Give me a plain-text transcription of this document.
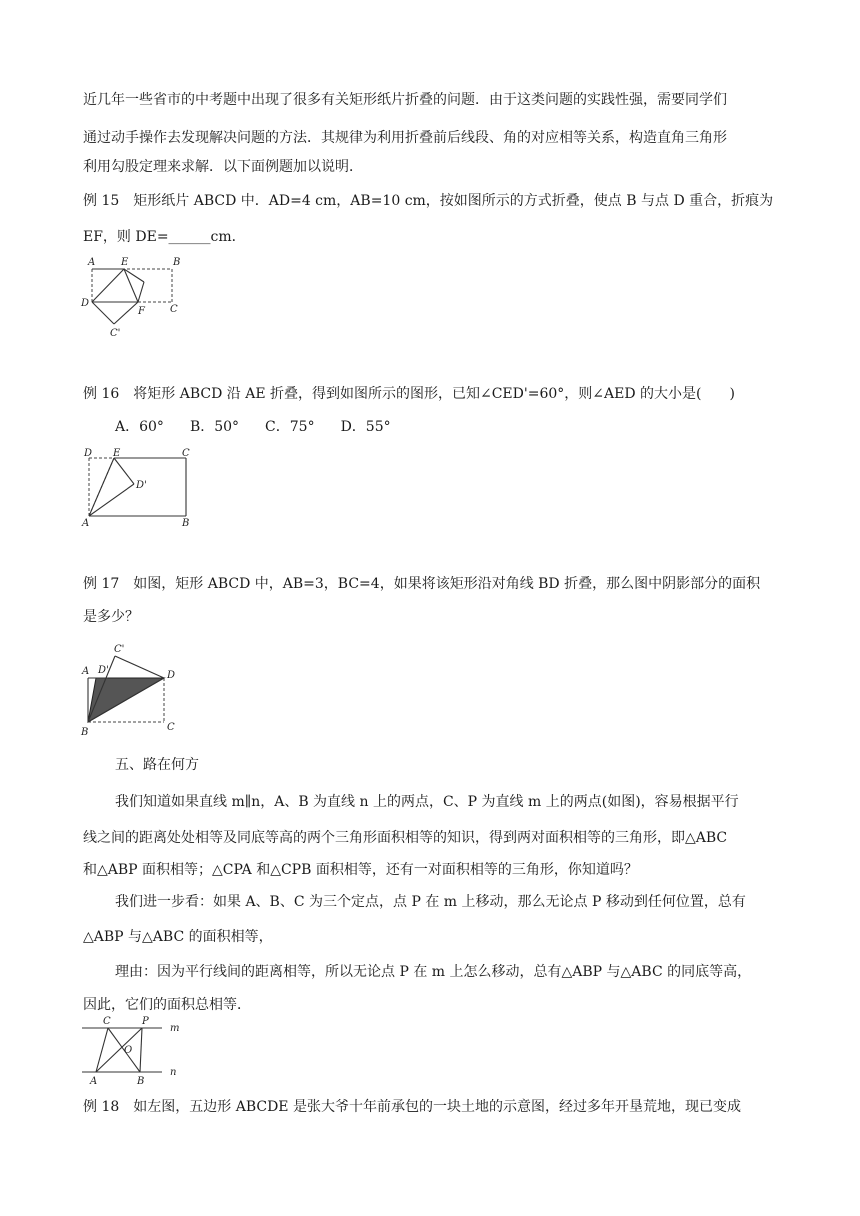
近几年一些省市的中考题中出现了很多有关矩形纸片折叠的问题．由于这类问题的实践性强，需要同学们

通过动手操作去发现解决问题的方法．其规律为利用折叠前后线段、角的对应相等关系，构造直角三角形

利用勾股定理来求解．以下面例题加以说明．

例 15　矩形纸片 ABCD 中．AD=4 cm，AB=10 cm，按如图所示的方式折叠，使点 B 与点 D 重合，折痕为

EF，则 DE=______cm．

A	E	B
D
F	C
C'

例 16　将矩形 ABCD 沿 AE 折叠，得到如图所示的图形，已知∠CED'=60°，则∠AED 的大小是(　　)

A．60° B．50° C．75° D．55°

D E	C
D'
A	B

例 17　如图，矩形 ABCD 中，AB=3，BC=4，如果将该矩形沿对角线 BD 折叠，那么图中阴影部分的面积

是多少？

C'
A D'	D
B	C

五、路在何方

我们知道如果直线 m∥n，A、B 为直线 n 上的两点，C、P 为直线 m 上的两点(如图)，容易根据平行

线之间的距离处处相等及同底等高的两个三角形面积相等的知识，得到两对面积相等的三角形，即△ABC

和△ABP 面积相等；△CPA 和△CPB 面积相等，还有一对面积相等的三角形，你知道吗？

我们进一步看：如果 A、B、C 为三个定点，点 P 在 m 上移动，那么无论点 P 移动到任何位置，总有

△ABP 与△ABC 的面积相等，

理由：因为平行线间的距离相等，所以无论点 P 在 m 上怎么移动，总有△ABP 与△ABC 的同底等高，

因此，它们的面积总相等．

C	P
m
O
A	B
n

例 18　如左图，五边形 ABCDE 是张大爷十年前承包的一块土地的示意图，经过多年开垦荒地，现已变成
